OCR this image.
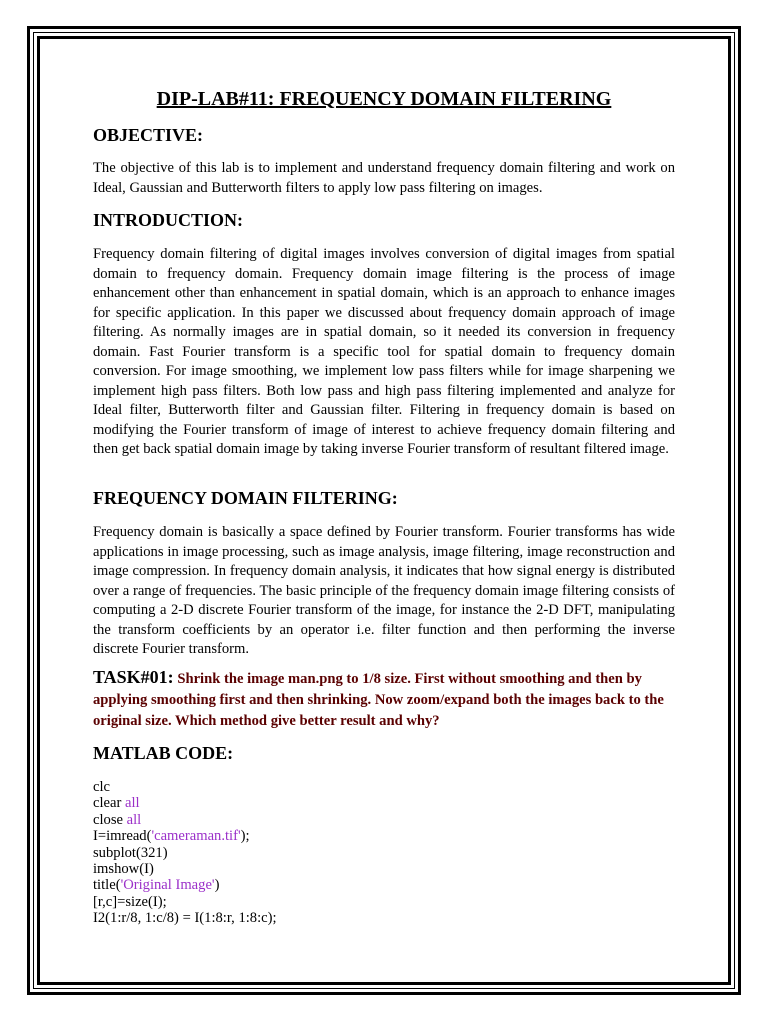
DIP-LAB#11: FREQUENCY DOMAIN FILTERING
OBJECTIVE:

The objective of this lab is to implement and understand frequency domain filtering and work on Ideal, Gaussian and Butterworth filters to apply low pass filtering on images.

INTRODUCTION:

Frequency domain filtering of digital images involves conversion of digital images from spatial domain to frequency domain. Frequency domain image filtering is the process of image enhancement other than enhancement in spatial domain, which is an approach to enhance images for specific application. In this paper we discussed about frequency domain approach of image filtering. As normally images are in spatial domain, so it needed its conversion in frequency domain. Fast Fourier transform is a specific tool for spatial domain to frequency domain conversion. For image smoothing, we implement low pass filters while for image sharpening we implement high pass filters. Both low pass and high pass filtering implemented and analyze for Ideal filter, Butterworth filter and Gaussian filter. Filtering in frequency domain is based on modifying the Fourier transform of image of interest to achieve frequency domain filtering and then get back spatial domain image by taking inverse Fourier transform of resultant filtered image.

FREQUENCY DOMAIN FILTERING:

Frequency domain is basically a space defined by Fourier transform. Fourier transforms has wide applications in image processing, such as image analysis, image filtering, image reconstruction and image compression. In frequency domain analysis, it indicates that how signal energy is distributed over a range of frequencies. The basic principle of the frequency domain image filtering consists of computing a 2-D discrete Fourier transform of the image, for instance the 2-D DFT, manipulating the transform coefficients by an operator i.e. filter function and then performing the inverse discrete Fourier transform.

TASK#01: Shrink the image man.png to 1/8 size. First without smoothing and then by applying smoothing first and then shrinking. Now zoom/expand both the images back to the original size. Which method give better result and why?
MATLAB CODE:
clc
clear all
close all
I=imread('cameraman.tif');
subplot(321)
imshow(I)
title('Original Image')
[r,c]=size(I);
I2(1:r/8, 1:c/8) = I(1:8:r, 1:8:c);
